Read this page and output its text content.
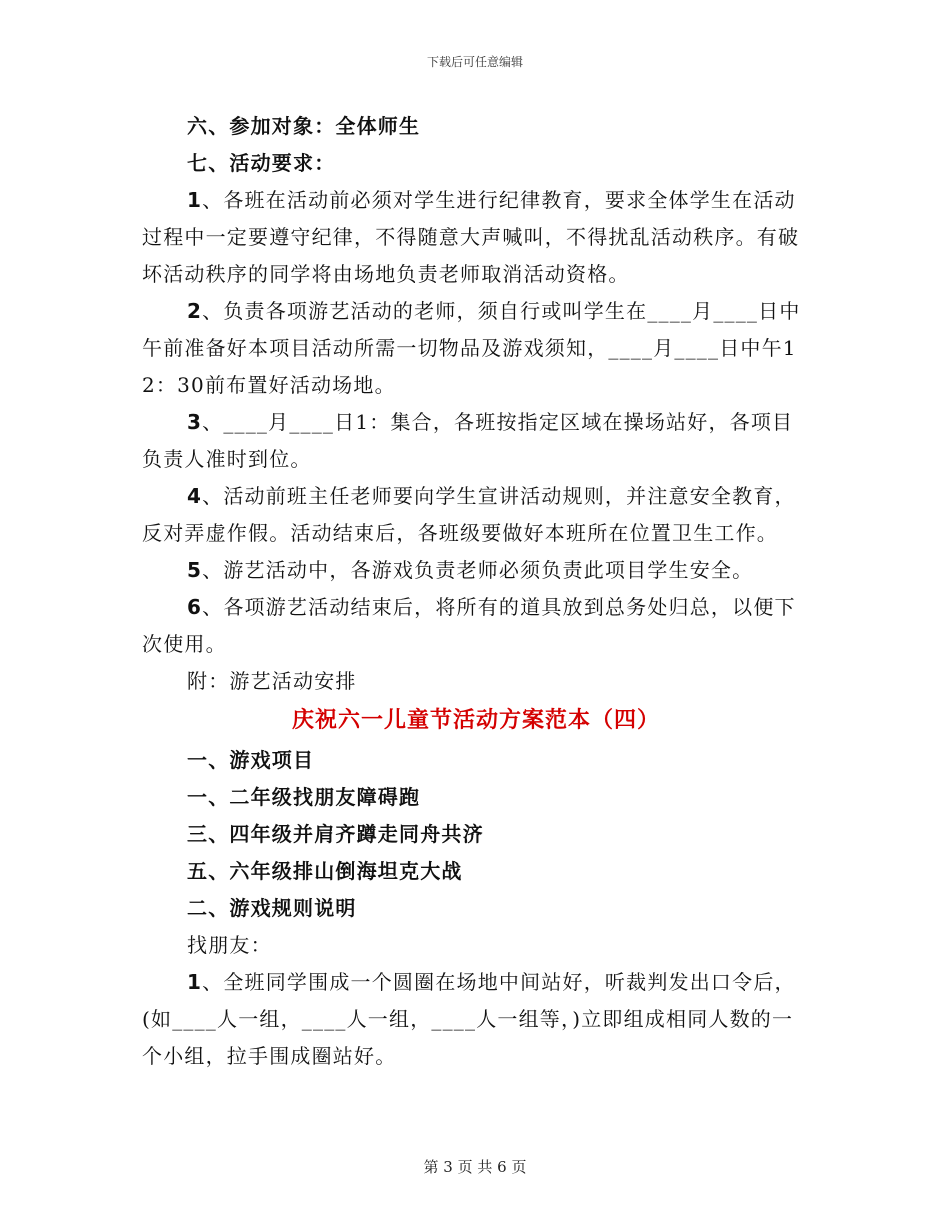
下载后可任意编辑

六、参加对象：全体师生

七、活动要求：

1、各班在活动前必须对学生进行纪律教育，要求全体学生在活动过程中一定要遵守纪律，不得随意大声喊叫，不得扰乱活动秩序。有破坏活动秩序的同学将由场地负责老师取消活动资格。

2、负责各项游艺活动的老师，须自行或叫学生在____月____日中午前准备好本项目活动所需一切物品及游戏须知，____月____日中午12：30前布置好活动场地。

3、____月____日1：集合，各班按指定区域在操场站好，各项目负责人准时到位。

4、活动前班主任老师要向学生宣讲活动规则，并注意安全教育，反对弄虚作假。活动结束后，各班级要做好本班所在位置卫生工作。

5、游艺活动中，各游戏负责老师必须负责此项目学生安全。

6、各项游艺活动结束后，将所有的道具放到总务处归总，以便下次使用。

附：游艺活动安排

庆祝六一儿童节活动方案范本（四）

一、游戏项目

一、二年级找朋友障碍跑

三、四年级并肩齐蹲走同舟共济

五、六年级排山倒海坦克大战

二、游戏规则说明

找朋友：

1、全班同学围成一个圆圈在场地中间站好，听裁判发出口令后，(如____人一组，____人一组，____人一组等，)立即组成相同人数的一个小组，拉手围成圈站好。

第 3 页 共 6 页
